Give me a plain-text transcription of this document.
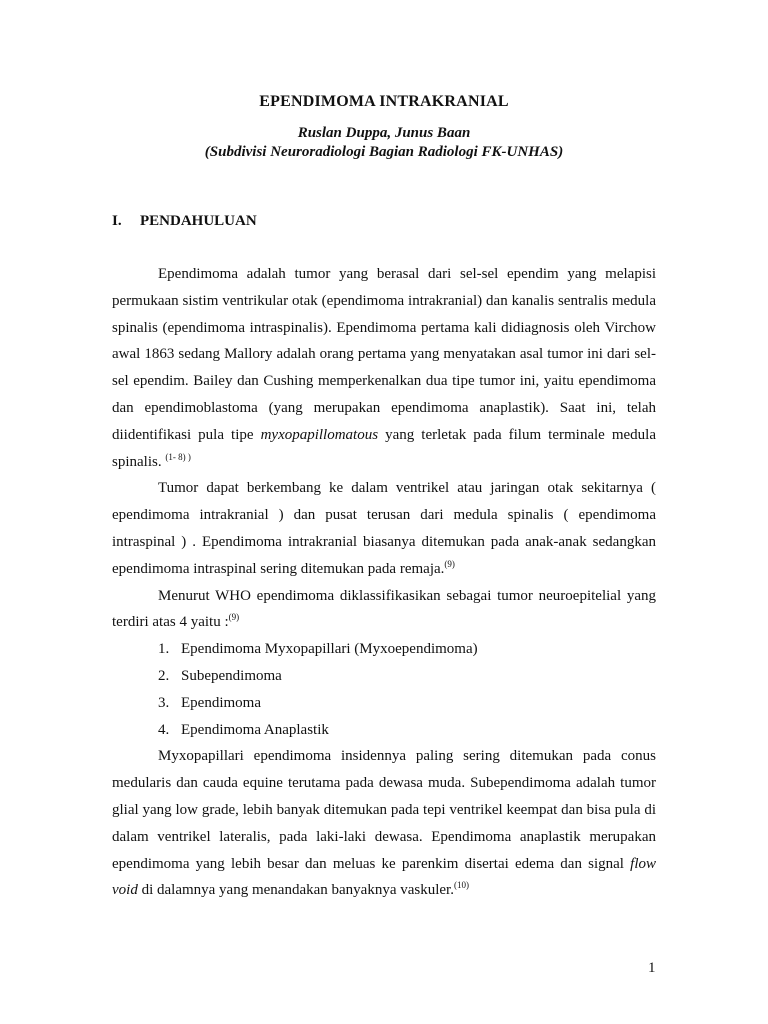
EPENDIMOMA INTRAKRANIAL
Ruslan Duppa, Junus Baan
(Subdivisi Neuroradiologi Bagian Radiologi FK-UNHAS)
I. PENDAHULUAN

Ependimoma adalah tumor yang berasal dari sel-sel ependim yang melapisi permukaan sistim ventrikular otak (ependimoma intrakranial) dan kanalis sentralis medula spinalis (ependimoma intraspinalis). Ependimoma pertama kali didiagnosis oleh Virchow awal 1863 sedang Mallory adalah orang pertama yang menyatakan asal tumor ini dari sel-sel ependim. Bailey dan Cushing memperkenalkan dua tipe tumor ini, yaitu ependimoma dan ependimoblastoma (yang merupakan ependimoma anaplastik). Saat ini, telah diidentifikasi pula tipe myxopapillomatous yang terletak pada filum terminale medula spinalis. $^{(1- 8) )}$

Tumor dapat berkembang ke dalam ventrikel atau jaringan otak sekitarnya ( ependimoma intrakranial ) dan pusat terusan dari medula spinalis ( ependimoma intraspinal ) . Ependimoma intrakranial biasanya ditemukan pada anak-anak sedangkan ependimoma intraspinal sering ditemukan pada remaja.$^{(9)}$

Menurut WHO ependimoma diklassifikasikan sebagai tumor neuroepitelial yang terdiri atas 4 yaitu :$^{(9)}$

1. Ependimoma Myxopapillari (Myxoependimoma)
2. Subependimoma
3. Ependimoma
4. Ependimoma Anaplastik

Myxopapillari ependimoma insidennya paling sering ditemukan pada conus medularis dan cauda equine terutama pada dewasa muda. Subependimoma adalah tumor glial yang low grade, lebih banyak ditemukan pada tepi ventrikel keempat dan bisa pula di dalam ventrikel lateralis, pada laki-laki dewasa. Ependimoma anaplastik merupakan ependimoma yang lebih besar dan meluas ke parenkim disertai edema dan signal flow void di dalamnya yang menandakan banyaknya vaskuler.$^{(10)}$

1
